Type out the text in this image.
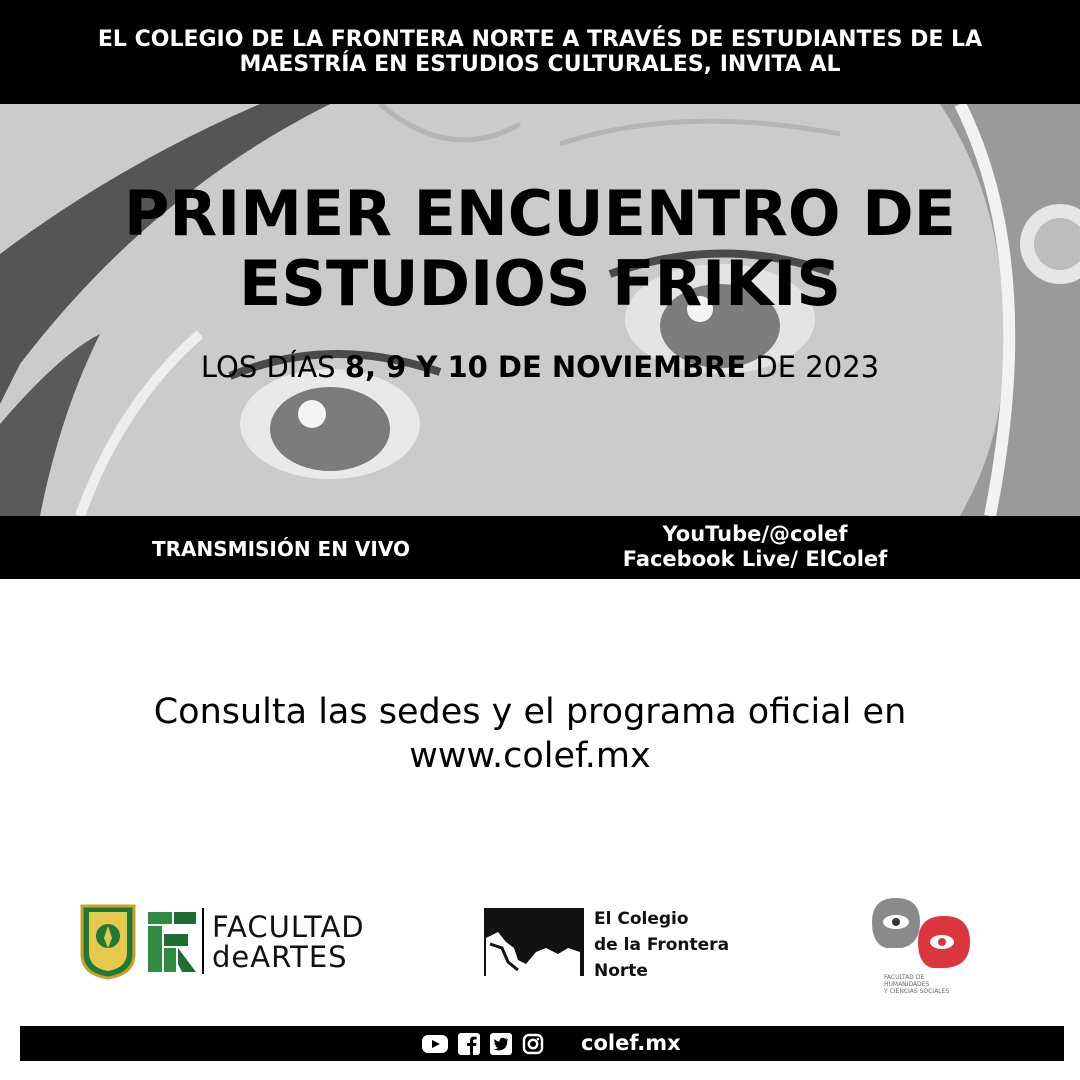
EL COLEGIO DE LA FRONTERA NORTE A TRAVÉS DE ESTUDIANTES DE LA
MAESTRÍA EN ESTUDIOS CULTURALES, INVITA AL
PRIMER ENCUENTRO DE
ESTUDIOS FRIKIS
LOS DÍAS 8, 9 Y 10 DE NOVIEMBRE DE 2023
TRANSMISIÓN EN VIVO
YouTube/@colef
Facebook Live/ ElColef
Consulta las sedes y el programa oficial en
www.colef.mx
FACULTAD
deARTES
El Colegio
de la Frontera
Norte	FACULTAD DE
HUMANIDADES
Y CIENCIAS SOCIALES
colef.mx
